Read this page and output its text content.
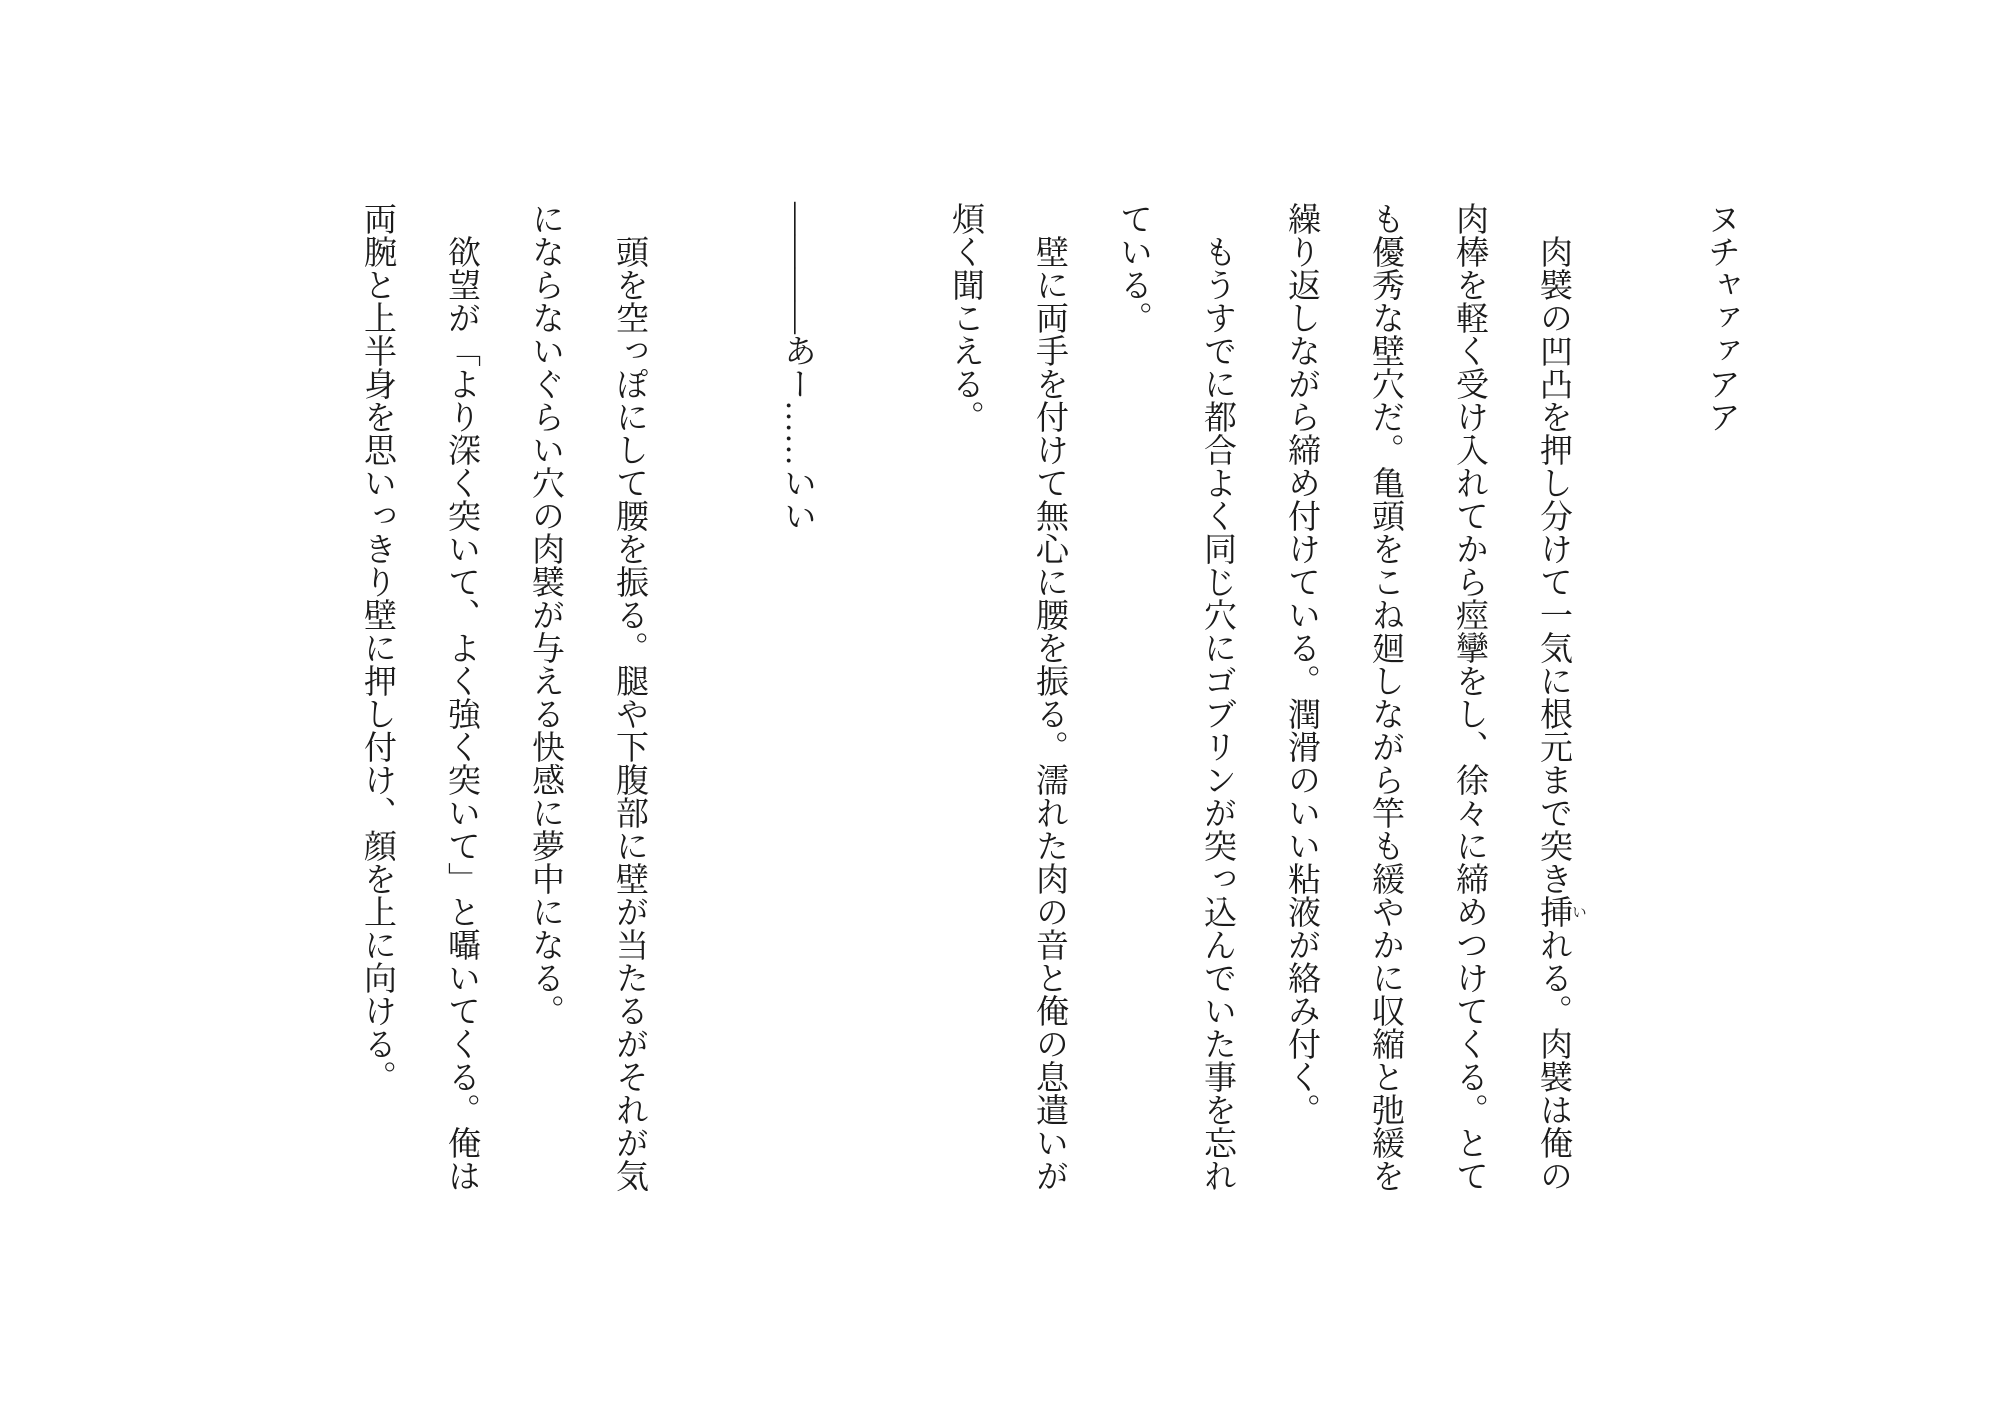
ヌチャァァアア

　肉襞の凹凸を押し分けて一気に根元まで突き挿 いれる。肉襞は俺の

肉棒を軽く受け入れてから痙攣をし、徐々に締めつけてくる。とて

も優秀な壁穴だ。亀頭をこね廻しながら竿も緩やかに収縮と弛緩を

繰り返しながら締め付けている。潤滑のいい粘液が絡み付く。

　もうすでに都合よく同じ穴にゴブリンが突っ込んでいた事を忘れ

ている。

　壁に両手を付けて無心に腰を振る。濡れた肉の音と俺の息遣いが

煩く聞こえる。

――――あー……いい

　頭を空っぽにして腰を振る。腿や下腹部に壁が当たるがそれが気

にならないぐらい穴の肉襞が与える快感に夢中になる。

　欲望が「より深く突いて、よく強く突いて」と囁いてくる。俺は

両腕と上半身を思いっきり壁に押し付け、顔を上に向ける。
